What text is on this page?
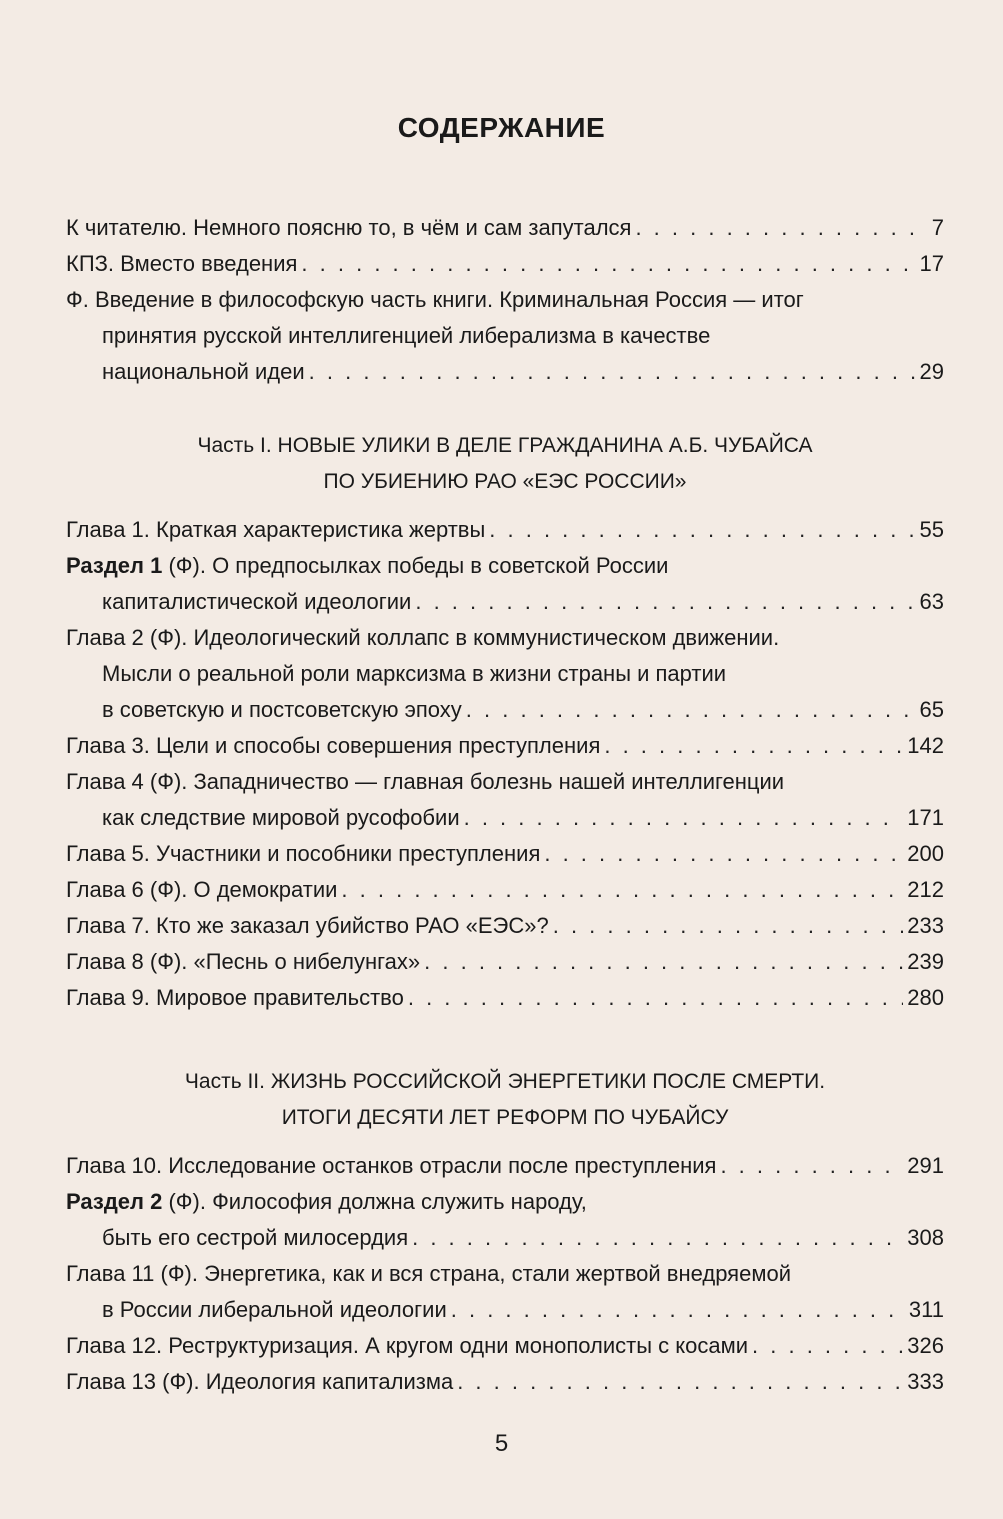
СОДЕРЖАНИЕ
К читателю. Немного поясню то, в чём и сам запутался . . .	7
КПЗ. Вместо введения . . .	17
Ф. Введение в философскую часть книги. Криминальная Россия — итог
принятия русской интеллигенцией либерализма в качестве
национальной идеи . . .	29
Часть I. НОВЫЕ УЛИКИ В ДЕЛЕ ГРАЖДАНИНА А.Б. ЧУБАЙСА
ПО УБИЕНИЮ РАО «ЕЭС РОССИИ»
Глава 1. Краткая характеристика жертвы . . .	55
Раздел 1 (Ф). О предпосылках победы в советской России
капиталистической идеологии . . .	63
Глава 2 (Ф). Идеологический коллапс в коммунистическом движении.
Мысли о реальной роли марксизма в жизни страны и партии
в советскую и постсоветскую эпоху . . .	65
Глава 3. Цели и способы совершения преступления . . .	142
Глава 4 (Ф). Западничество — главная болезнь нашей интеллигенции
как следствие мировой русофобии . . .	171
Глава 5. Участники и пособники преступления . . .	200
Глава 6 (Ф). О демократии . . .	212
Глава 7. Кто же заказал убийство РАО «ЕЭС»? . . .	233
Глава 8 (Ф). «Песнь о нибелунгах» . . .	239
Глава 9. Мировое правительство . . .	280
Часть II. ЖИЗНЬ РОССИЙСКОЙ ЭНЕРГЕТИКИ ПОСЛЕ СМЕРТИ.
ИТОГИ ДЕСЯТИ ЛЕТ РЕФОРМ ПО ЧУБАЙСУ
Глава 10. Исследование останков отрасли после преступления . . .	291
Раздел 2 (Ф). Философия должна служить народу,
быть его сестрой милосердия . . .	308
Глава 11 (Ф). Энергетика, как и вся страна, стали жертвой внедряемой
в России либеральной идеологии . . .	311
Глава 12. Реструктуризация. А кругом одни монополисты с косами . . .	326
Глава 13 (Ф). Идеология капитализма . . .	333
5
